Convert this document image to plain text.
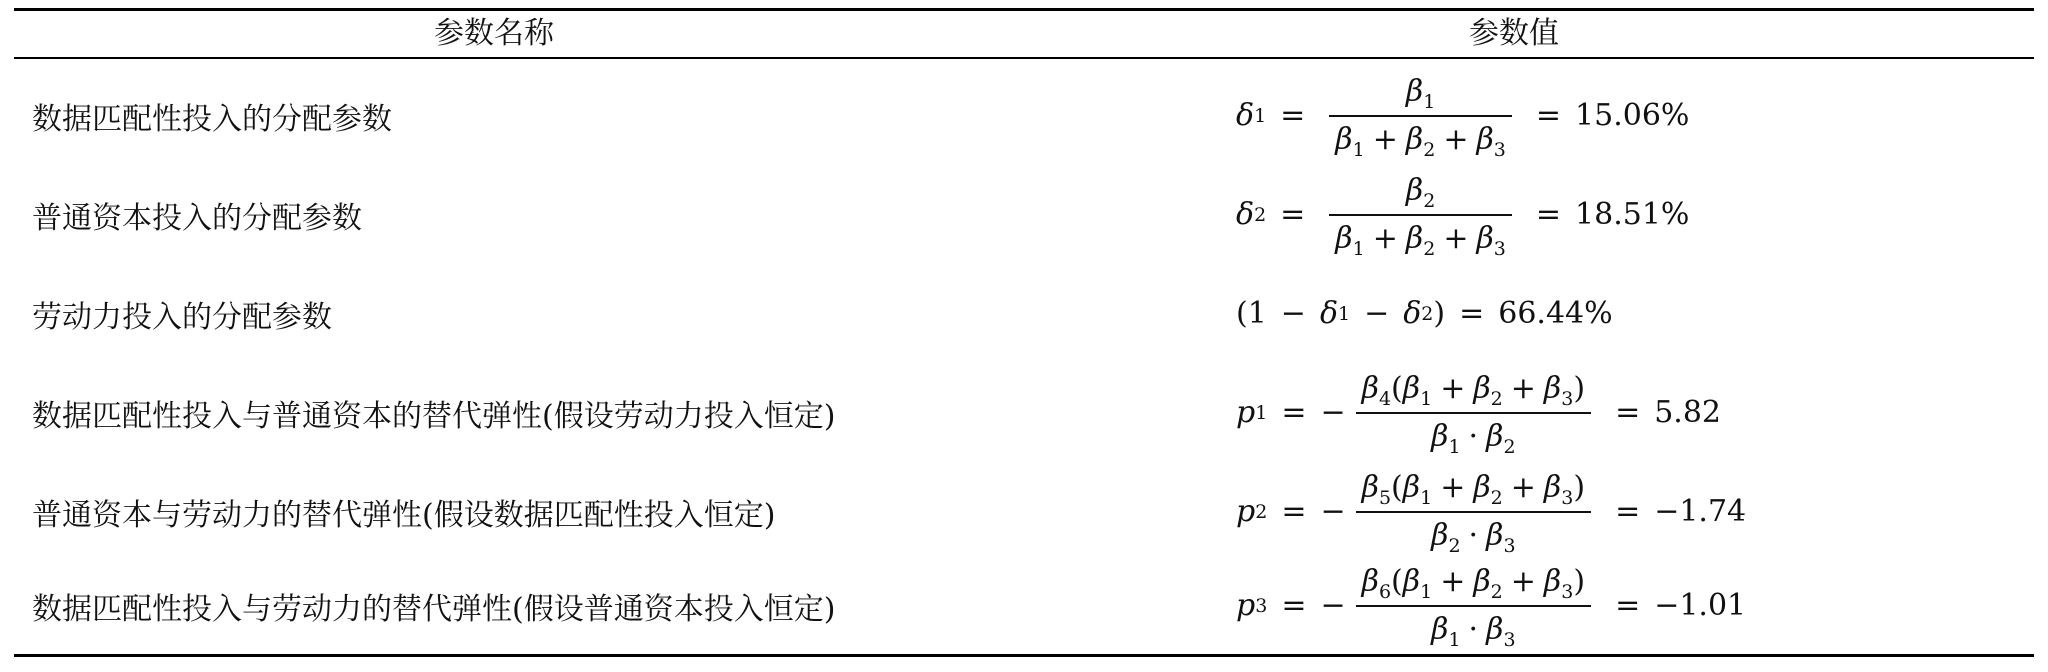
参数名称	参数值
数据匹配性投入的分配参数	δ $1 = \frac{\beta_1}{\beta_1 + \beta_2 + \beta_3} = 15.06\%$
普通资本投入的分配参数	δ $2 = \frac{\beta_2}{\beta_1 + \beta_2 + \beta_3} = 18.51\%$
劳动力投入的分配参数	(1 − δ 1 − δ 2 ) = 66.44%
数据匹配性投入与普通资本的替代弹性(假设劳动力投入恒定)	p 1 = − $\frac{\beta_4(\beta_1 + \beta_2 + \beta_3)}{\beta_1 \cdot \beta_2} = 5.82$
普通资本与劳动力的替代弹性(假设数据匹配性投入恒定)	p 2 = − $\frac{\beta_5(\beta_1 + \beta_2 + \beta_3)}{\beta_2 \cdot \beta_3}$ = − 1.74
数据匹配性投入与劳动力的替代弹性(假设普通资本投入恒定)	p 3 = − $\frac{\beta_6(\beta_1 + \beta_2 + \beta_3)}{\beta_1 \cdot \beta_3}$ = − 1.01
